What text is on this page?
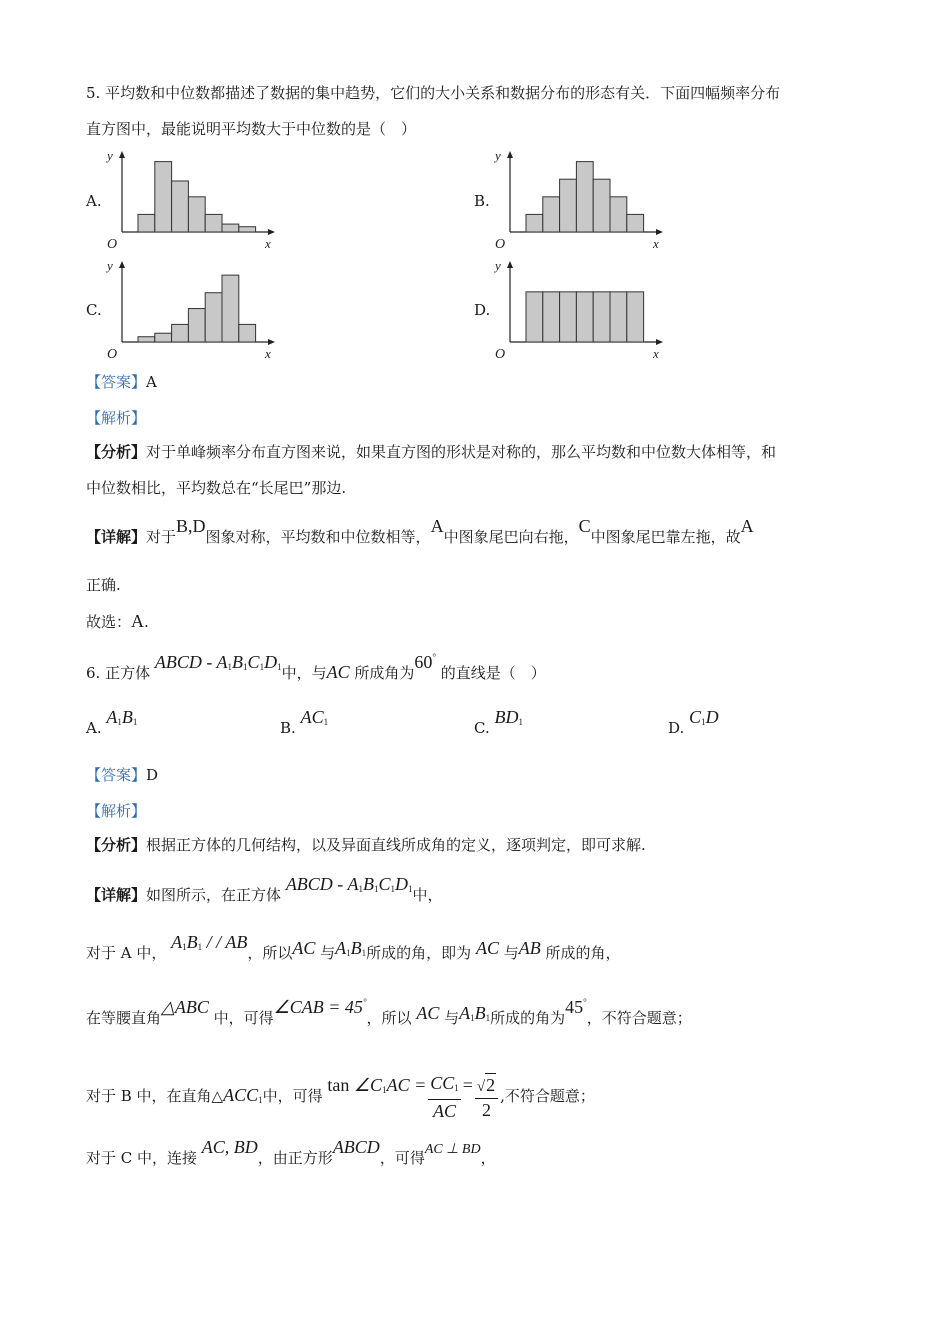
5. 平均数和中位数都描述了数据的集中趋势，它们的大小关系和数据分布的形态有关．下面四幅频率分布
直方图中，最能说明平均数大于中位数的是（　）
A.	B.
C.	D.
y
x
O
y
x
O
y
x
O
y
x
O
【答案】A
【解析】
【分析】对于单峰频率分布直方图来说，如果直方图的形状是对称的，那么平均数和中位数大体相等，和
中位数相比，平均数总在“长尾巴”那边.
【详解】对于B,D图象对称，平均数和中位数相等，A中图象尾巴向右拖，C中图象尾巴靠左拖，故A
正确.
故选：A.
6. 正方体 ABCD - $A_1B_1C_1D_1$中，与AC 所成角为60° 的直线是（　）
A. $A_1B_1$	B. $AC_1$	C. $BD_1$	D. $C_1D$
【答案】D
【解析】
【分析】根据正方体的几何结构，以及异面直线所成角的定义，逐项判定，即可求解.
【详解】如图所示，在正方体 ABCD - $A_1B_1C_1D_1$中，
对于 A 中， $A_1B_1$ / / AB，所以AC 与$A_1B_1$所成的角，即为 AC 与AB 所成的角，
在等腰直角△ABC 中，可得∠CAB = 45°，所以 AC 与$A_1B_1$所成的角为45°，不符合题意；
对于 B 中，在直角$\triangle ACC_1$中，可得 $\tan \angle C_1AC = \frac{CC_1}{AC} = \frac{√2}{2}$ ,不符合题意；
对于 C 中，连接 AC, BD，由正方形ABCD，可得AC ⊥ BD，
